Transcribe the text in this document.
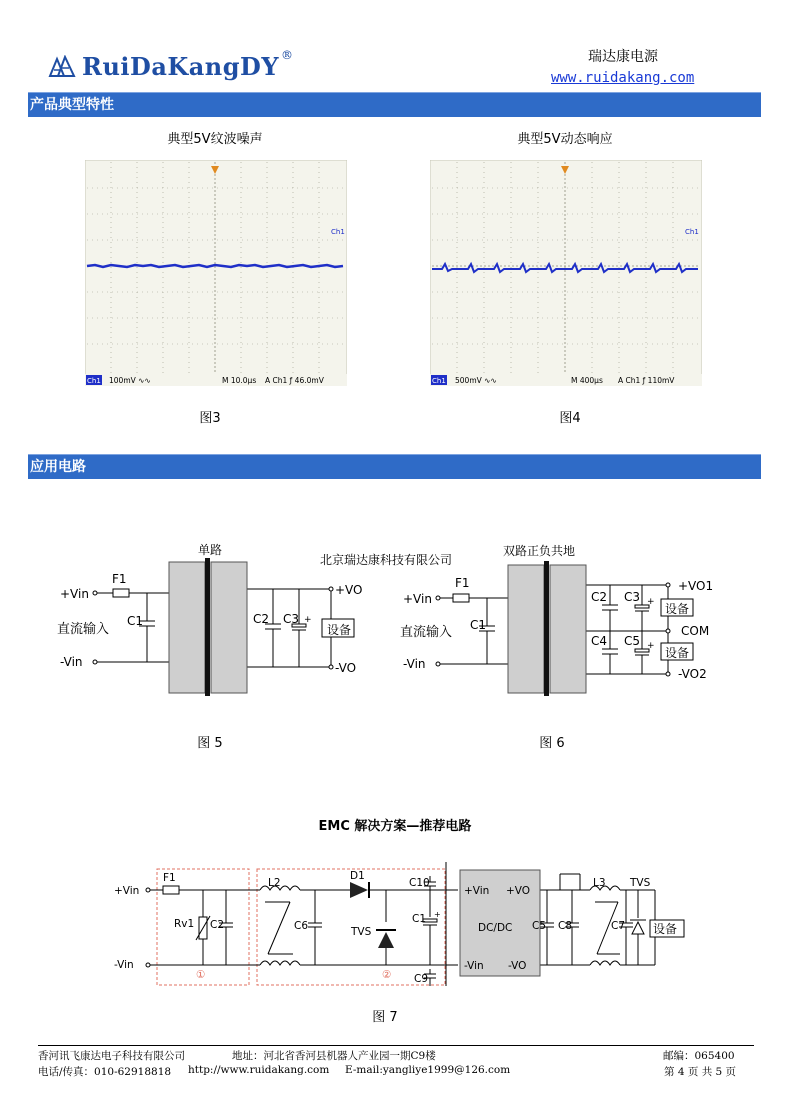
RuiDaKangDY ®	瑞达康电源
www.ruidakang.com
产品典型特性
典型5V纹波噪声	典型5V动态响应
Ch1
Ch1 100mV ∿∿	M 10.0µs A Ch1 ƒ 46.0mV
Ch1
Ch1 500mV ∿∿	M 400µs A Ch1 ƒ 110mV
图3	图4
应用电路
单路
+Vin
-Vin
直流输入
F1
C1	C2 C3 +
设备
+VO
-VO
北京瑞达康科技有限公司
双路正负共地
+Vin
-Vin
直流输入
F1
C1
C2 C3
C4 C5
+
+
设备
设备
+VO1
COM
-VO2
图 5	图 6
EMC 解决方案—推荐电路
+Vin
-Vin
F1
Rv1 C2
L2
C6
D1
TVS
C10
C1 +
C9
+Vin +VO
DC/DC
-Vin -VO
C5 C8
L3
C7
TVS
设备
①	②
图 7
香河讯飞康达电子科技有限公司	地址：河北省香河县机器人产业园一期C9楼	邮编：065400
电话/传真：010-62918818 http://www.ruidakang.com E-mail:yangliye1999@126.com	第 4 页 共 5 页
